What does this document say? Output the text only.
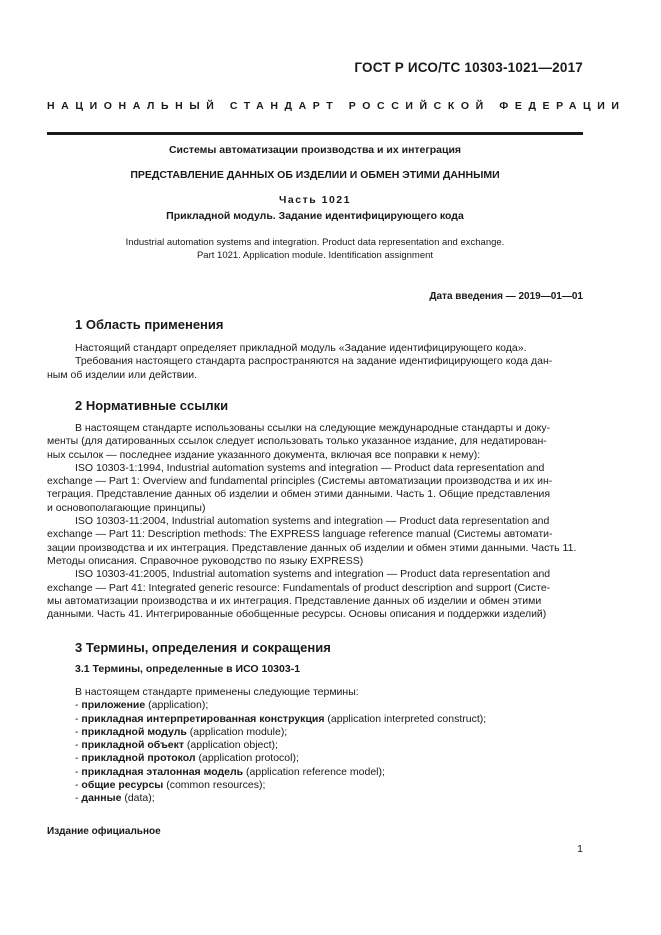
ГОСТ Р ИСО/ТС 10303-1021—2017
НАЦИОНАЛЬНЫЙ СТАНДАРТ РОССИЙСКОЙ ФЕДЕРАЦИИ
Системы автоматизации производства и их интеграция
ПРЕДСТАВЛЕНИЕ ДАННЫХ ОБ ИЗДЕЛИИ И ОБМЕН ЭТИМИ ДАННЫМИ
Часть 1021
Прикладной модуль. Задание идентифицирующего кода
Industrial automation systems and integration. Product data representation and exchange.
Part 1021. Application module. Identification assignment
Дата введения — 2019—01—01
1 Область применения
Настоящий стандарт определяет прикладной модуль «Задание идентифицирующего кода».
Требования настоящего стандарта распространяются на задание идентифицирующего кода дан-
ным об изделии или действии.
2 Нормативные ссылки
В настоящем стандарте использованы ссылки на следующие международные стандарты и доку-
менты (для датированных ссылок следует использовать только указанное издание, для недатирован-
ных ссылок — последнее издание указанного документа, включая все поправки к нему):
ISO 10303-1:1994, Industrial automation systems and integration — Product data representation and
exchange — Part 1: Overview and fundamental principles (Системы автоматизации производства и их ин-
теграция. Представление данных об изделии и обмен этими данными. Часть 1. Общие представления
и основополагающие принципы)
ISO 10303-11:2004, Industrial automation systems and integration — Product data representation and
exchange — Part 11: Description methods: The EXPRESS language reference manual (Системы автомати-
зации производства и их интеграция. Представление данных об изделии и обмен этими данными. Часть 11.
Методы описания. Справочное руководство по языку EXPRESS)
ISO 10303-41:2005, Industrial automation systems and integration — Product data representation and
exchange — Part 41: Integrated generic resource: Fundamentals of product description and support (Систе-
мы автоматизации производства и их интеграция. Представление данных об изделии и обмен этими
данными. Часть 41. Интегрированные обобщенные ресурсы. Основы описания и поддержки изделий)
3 Термины, определения и сокращения
3.1 Термины, определенные в ИСО 10303-1
В настоящем стандарте применены следующие термины:
- приложение (application);
- прикладная интерпретированная конструкция (application interpreted construct);
- прикладной модуль (application module);
- прикладной объект (application object);
- прикладной протокол (application protocol);
- прикладная эталонная модель (application reference model);
- общие ресурсы (common resources);
- данные (data);
Издание официальное
1
